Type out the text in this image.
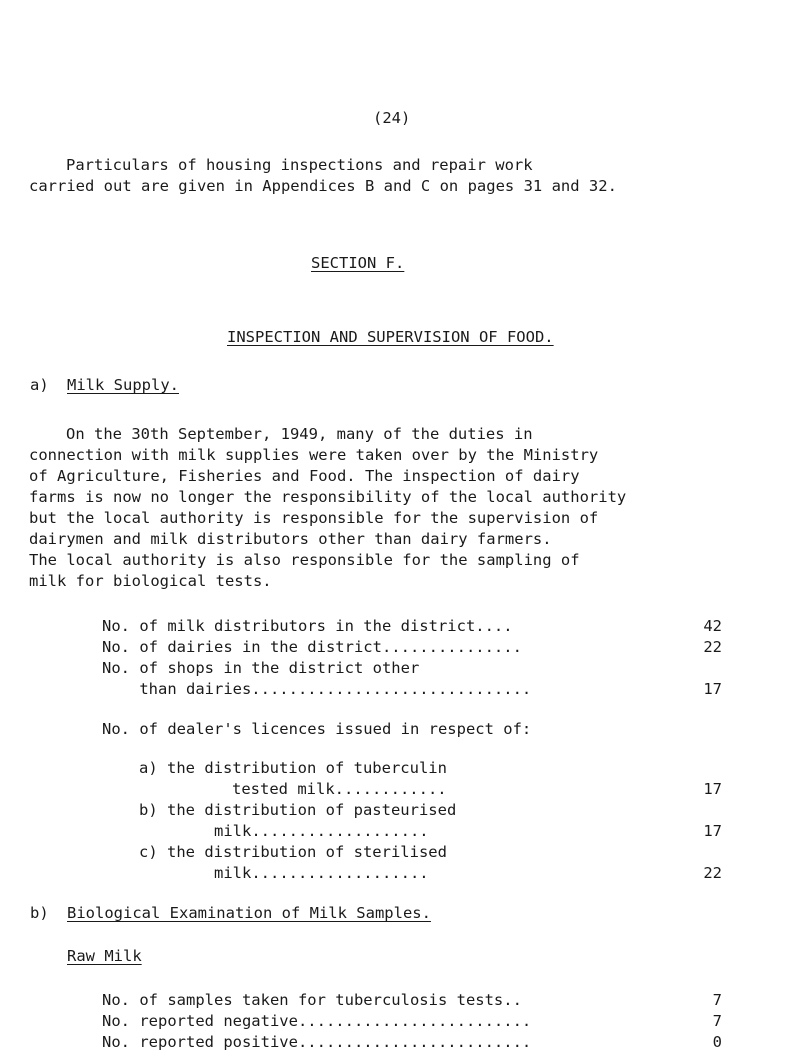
(24)
Particulars of housing inspections and repair work
carried out are given in Appendices B and C on pages 31 and 32.
SECTION F.
INSPECTION AND SUPERVISION OF FOOD.
a) Milk Supply.
On the 30th September, 1949, many of the duties in
connection with milk supplies were taken over by the Ministry
of Agriculture, Fisheries and Food. The inspection of dairy
farms is now no longer the responsibility of the local authority
but the local authority is responsible for the supervision of
dairymen and milk distributors other than dairy farmers.
The local authority is also responsible for the sampling of
milk for biological tests.
No. of milk distributors in the district....	42
No. of dairies in the district...............	22
No. of shops in the district other
than dairies..............................	17
No. of dealer's licences issued in respect of:
a) the distribution of tuberculin
tested milk............	17
b) the distribution of pasteurised
milk...................	17
c) the distribution of sterilised
milk...................	22
b) Biological Examination of Milk Samples.
Raw Milk
No. of samples taken for tuberculosis tests..	7
No. reported negative.........................	7
No. reported positive.........................	0
